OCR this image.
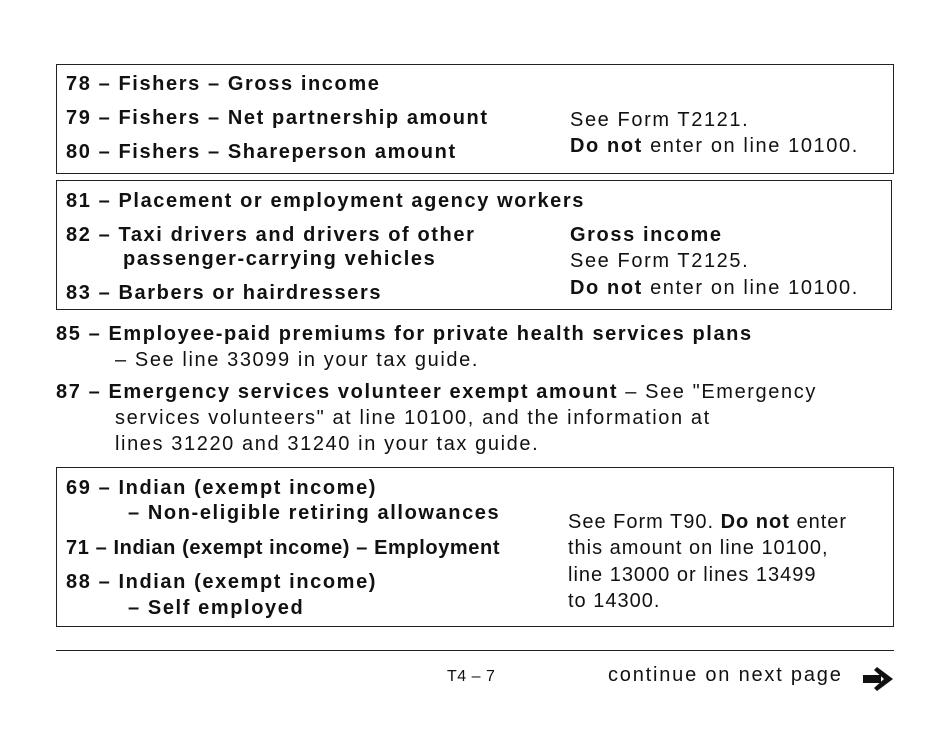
78 – Fishers – Gross income
79 – Fishers – Net partnership amount
80 – Fishers – Shareperson amount
See Form T2121.
Do not enter on line 10100.
81 – Placement or employment agency workers
82 – Taxi drivers and drivers of other
passenger-carrying vehicles
83 – Barbers or hairdressers
Gross income
See Form T2125.
Do not enter on line 10100.
85 – Employee-paid premiums for private health services plans
– See line 33099 in your tax guide.
87 – Emergency services volunteer exempt amount – See "Emergency
services volunteers" at line 10100, and the information at
lines 31220 and 31240 in your tax guide.
69 – Indian (exempt income)
– Non-eligible retiring allowances
71 – Indian (exempt income) – Employment
88 – Indian (exempt income)
– Self employed
See Form T90. Do not enter
this amount on line 10100,
line 13000 or lines 13499
to 14300.
T4 – 7	continue on next page
